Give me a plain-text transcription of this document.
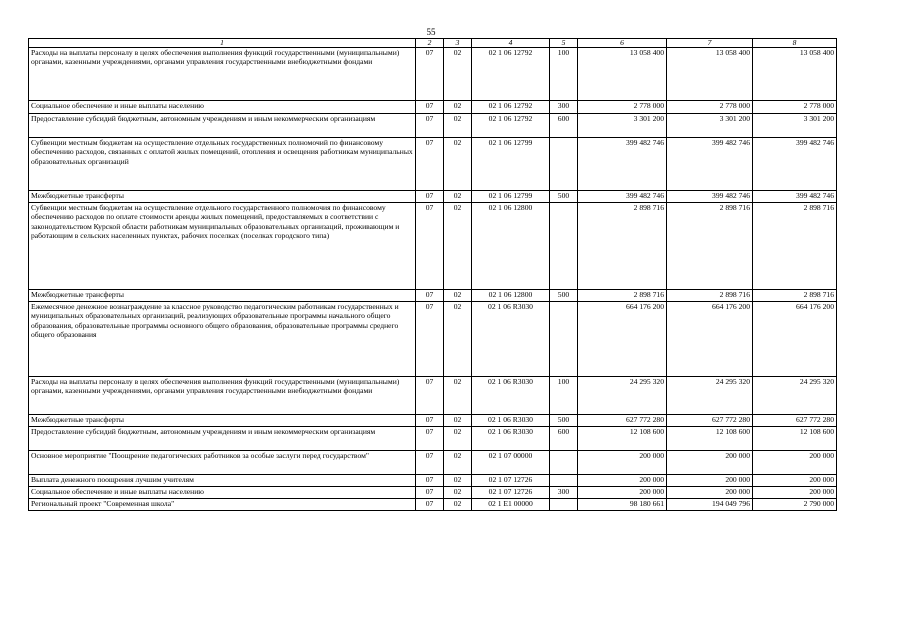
55
1	2	3	4	5	6	7	8
Расходы на выплаты персоналу в целях обеспечения выполнения функций государственными (муниципальными) органами, казенными учреждениями, органами управления государственными внебюджетными фондами	07	02	02 1 06 12792	100	13 058 400	13 058 400	13 058 400
Социальное обеспечение и иные выплаты населению	07	02	02 1 06 12792	300	2 778 000	2 778 000	2 778 000
Предоставление субсидий бюджетным, автономным учреждениям и иным некоммерческим организациям	07	02	02 1 06 12792	600	3 301 200	3 301 200	3 301 200
Субвенции местным бюджетам на осуществление отдельных государственных полномочий по финансовому обеспечению расходов, связанных с оплатой жилых помещений, отопления и освещения работникам муниципальных образовательных организаций	07	02	02 1 06 12799		399 482 746	399 482 746	399 482 746
Межбюджетные трансферты	07	02	02 1 06 12799	500	399 482 746	399 482 746	399 482 746
Субвенции местным бюджетам на осуществление отдельного государственного полномочия по финансовому обеспечению расходов по оплате стоимости аренды жилых помещений, предоставляемых в соответствии с законодательством Курской области работникам муниципальных образовательных организаций, проживающим и работающим в сельских населенных пунктах, рабочих поселках (поселках городского типа)	07	02	02 1 06 12800		2 898 716	2 898 716	2 898 716
Межбюджетные трансферты	07	02	02 1 06 12800	500	2 898 716	2 898 716	2 898 716
Ежемесячное денежное вознаграждение за классное руководство педагогическим работникам государственных и муниципальных образовательных организаций, реализующих образовательные программы начального общего образования, образовательные программы основного общего образования, образовательные программы среднего общего образования	07	02	02 1 06 R3030		664 176 200	664 176 200	664 176 200
Расходы на выплаты персоналу в целях обеспечения выполнения функций государственными (муниципальными) органами, казенными учреждениями, органами управления государственными внебюджетными фондами	07	02	02 1 06 R3030	100	24 295 320	24 295 320	24 295 320
Межбюджетные трансферты	07	02	02 1 06 R3030	500	627 772 280	627 772 280	627 772 280
Предоставление субсидий бюджетным, автономным учреждениям и иным некоммерческим организациям	07	02	02 1 06 R3030	600	12 108 600	12 108 600	12 108 600
Основное мероприятие "Поощрение педагогических работников за особые заслуги перед государством"	07	02	02 1 07 00000		200 000	200 000	200 000
Выплата денежного поощрения лучшим учителям	07	02	02 1 07 12726		200 000	200 000	200 000
Социальное обеспечение и иные выплаты населению	07	02	02 1 07 12726	300	200 000	200 000	200 000
Региональный проект "Современная школа"	07	02	02 1 E1 00000		98 180 661	194 049 796	2 790 000
